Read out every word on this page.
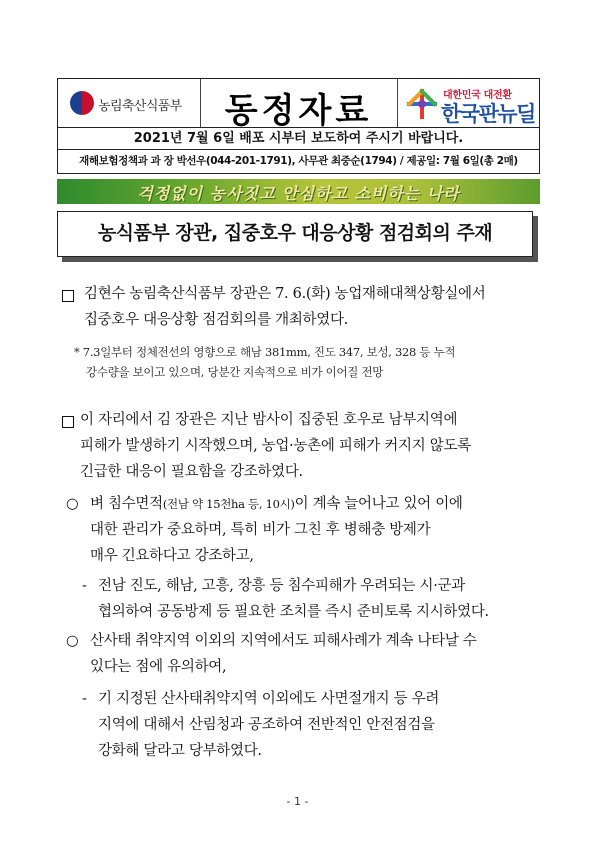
농림축산식품부	동정자료	대한민국 대전환
한국판뉴딜
2021년 7월 6일 배포 시부터 보도하여 주시기 바랍니다.
재해보험정책과 과 장 박선우(044-201-1791), 사무관 최중순(1794) / 제공일: 7월 6일(총 2매)
걱정없이 농사짓고 안심하고 소비하는 나라
농식품부 장관, 집중호우 대응상황 점검회의 주재
김현수 농림축산식품부 장관은 7. 6.(화) 농업재해대책상황실에서
집중호우 대응상황 점검회의를 개최하였다.
* 7.3일부터 정체전선의 영향으로 해남 381mm, 진도 347, 보성, 328 등 누적
강수량을 보이고 있으며, 당분간 지속적으로 비가 이어질 전망
이 자리에서 김 장관은 지난 밤사이 집중된 호우로 남부지역에
피해가 발생하기 시작했으며, 농업·농촌에 피해가 커지지 않도록
긴급한 대응이 필요함을 강조하였다.
○ 벼 침수면적(전남 약 15천ha 등, 10시)이 계속 늘어나고 있어 이에
대한 관리가 중요하며, 특히 비가 그친 후 병해충 방제가
매우 긴요하다고 강조하고,
- 전남 진도, 해남, 고흥, 장흥 등 침수피해가 우려되는 시·군과
협의하여 공동방제 등 필요한 조치를 즉시 준비토록 지시하였다.
○ 산사태 취약지역 이외의 지역에서도 피해사례가 계속 나타날 수
있다는 점에 유의하여,
- 기 지정된 산사태취약지역 이외에도 사면절개지 등 우려
지역에 대해서 산림청과 공조하여 전반적인 안전점검을
강화해 달라고 당부하였다.
- 1 -
